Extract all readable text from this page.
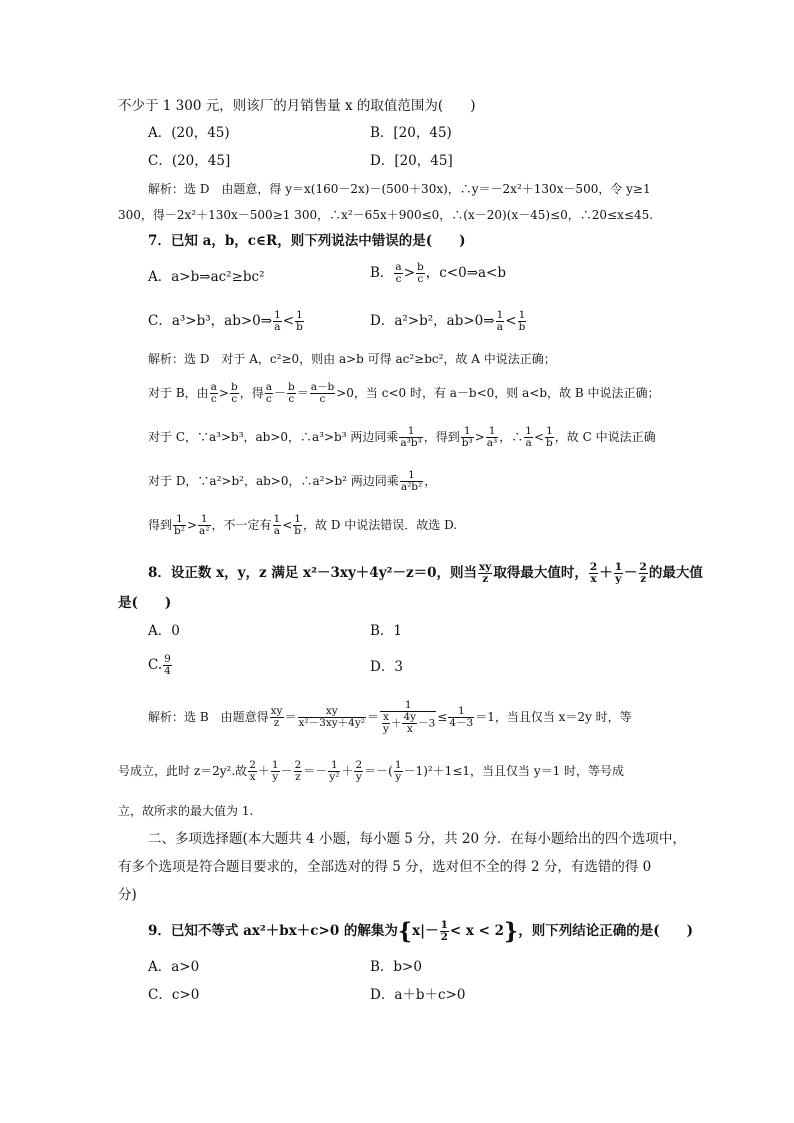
不少于 1 300 元，则该厂的月销售量 x 的取值范围为(　　)
A．(20，45)	B．[20，45)
C．(20，45]	D．[20，45]
解析：选 D　由题意，得 y＝x(160－2x)－(500＋30x)，∴y＝－2x²＋130x－500，令 y≥1
300，得－2x²＋130x－500≥1 300，∴x²－65x＋900≤0，∴(x－20)(x－45)≤0，∴20≤x≤45.
7．已知 a，b，c∈R，则下列说法中错误的是(　　)
A．a>b⇒ac²≥bc²	B． $\frac{a}{c} > \frac{b}{c}$ ，c<0⇒a<b
C．a³>b³，ab>0⇒ $\frac{1}{a} < \frac{1}{b}$	D．a²>b²，ab>0⇒ $\frac{1}{a} < \frac{1}{b}$
解析：选 D　对于 A，c²≥0，则由 a>b 可得 ac²≥bc²，故 A 中说法正确；
对于 B，由 $\frac{a}{c} > \frac{b}{c}$ ，得 $\frac{a}{c} - \frac{b}{c} = \frac{a-b}{c} >0$，当 c<0 时，有 a－b<0，则 a<b，故 B 中说法正确；
对于 C，∵a³>b³，ab>0，∴a³>b³ 两边同乘 $\frac{1}{\text{a³b³}}$ ，得到 $\frac{1}{\text{b³}} > \frac{1}{\text{a³}}$ ，∴ $\frac{1}{a} < \frac{1}{b}$ ，故 C 中说法正确
对于 D，∵a²>b²，ab>0，∴a²>b² 两边同乘 $\frac{1}{\text{a²b²}}$ ，
得到 $\frac{1}{\text{b²}} > \frac{1}{\text{a²}}$ ，不一定有 $\frac{1}{a} < \frac{1}{b}$ ，故 D 中说法错误．故选 D.
8．设正数 x，y，z 满足 x²－3xy＋4y²－z＝0，则当 $\frac{xy}{z}$ 取得最大值时， $\frac{2}{x} + \frac{1}{y} - \frac{2}{z}$ 的最大值
是(　　)
A．0	B．1
C. $\frac{9}{4}$	D．3
解析：选 B　由题意得 $\frac{xy}{z} = \frac{xy}{\text{x²－3xy＋4y²}} = \frac{1}{\frac{x}{y} + \frac{4y}{x} -3} \le \frac{1}{4-3} =1$，当且仅当 x＝2y 时，等
号成立，此时 z＝2y².故 $\frac{2}{x} + \frac{1}{y} - \frac{2}{z} =- \frac{1}{\text{y²}} + \frac{2}{y}$ ＝－( $\frac{1}{y} -1)^2+1\le 1$，当且仅当 y＝1 时，等号成
立，故所求的最大值为 1.
二、多项选择题(本大题共 4 小题，每小题 5 分，共 20 分．在每小题给出的四个选项中，
有多个选项是符合题目要求的，全部选对的得 5 分，选对但不全的得 2 分，有选错的得 0
分)
9．已知不等式 ax²＋bx＋c>0 的解集为$\{x|- \frac{1}{2} < x < 2\}$，则下列结论正确的是(　　)
A．a>0	B．b>0
C．c>0	D．a＋b＋c>0
